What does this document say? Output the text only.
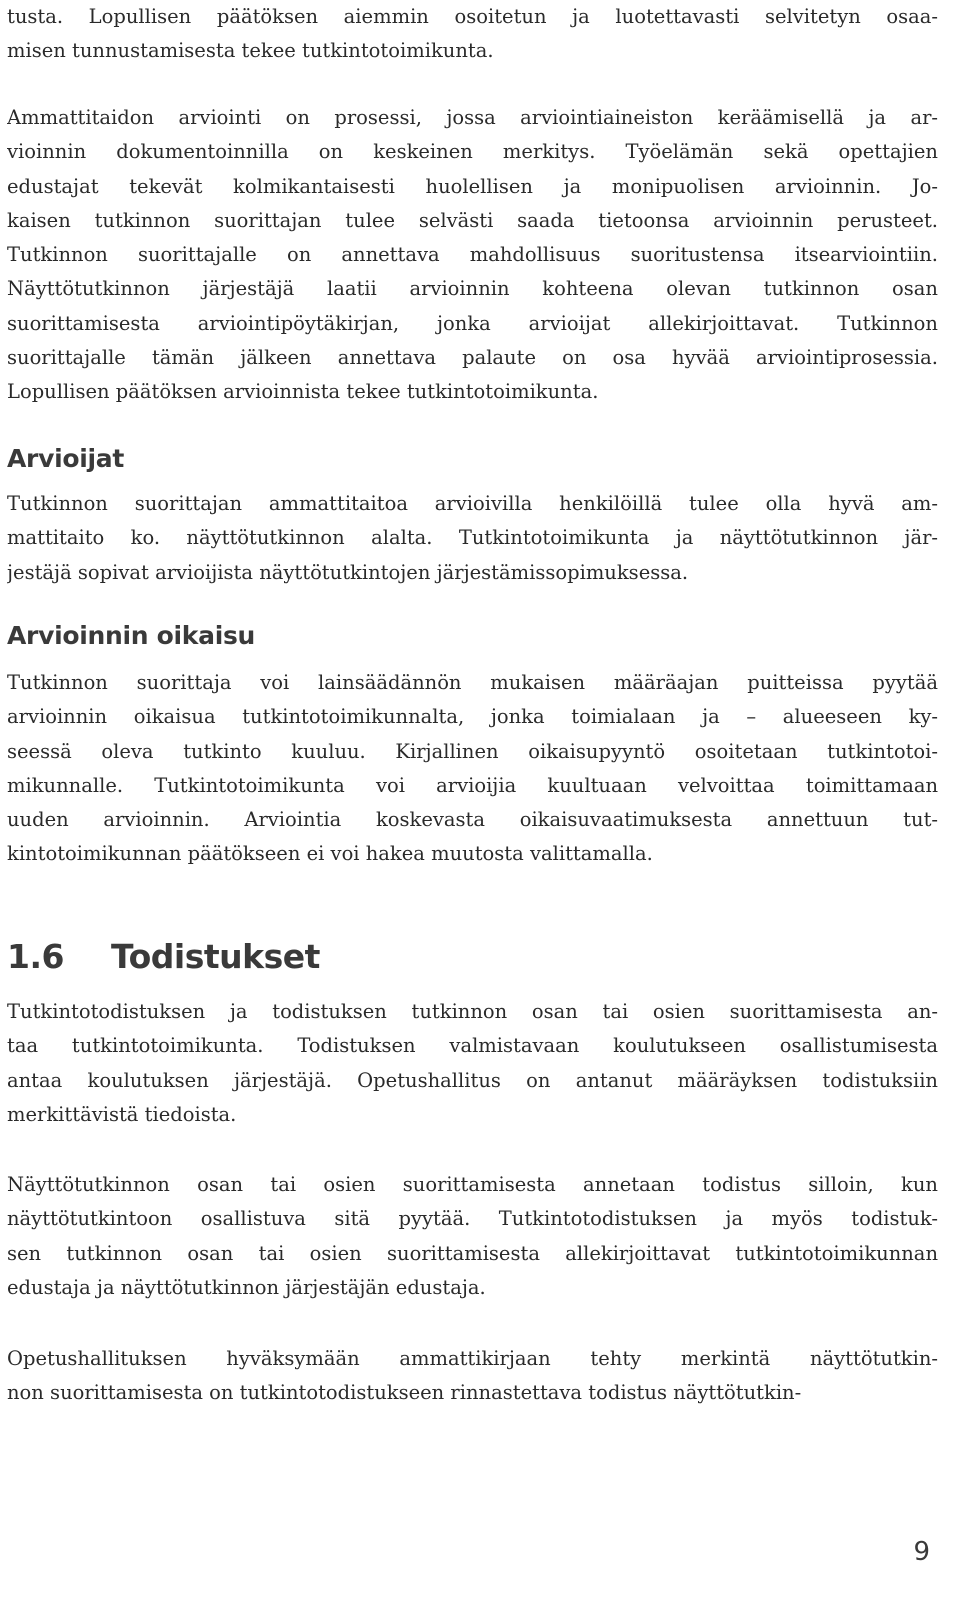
tusta. Lopullisen päätöksen aiemmin osoitetun ja luotettavasti selvitetyn osaa-
misen tunnustamisesta tekee tutkintotoimikunta.
Ammattitaidon arviointi on prosessi, jossa arviointiaineiston keräämisellä ja ar-
vioinnin dokumentoinnilla on keskeinen merkitys. Työelämän sekä opettajien
edustajat tekevät kolmikantaisesti huolellisen ja monipuolisen arvioinnin. Jo-
kaisen tutkinnon suorittajan tulee selvästi saada tietoonsa arvioinnin perusteet.
Tutkinnon suorittajalle on annettava mahdollisuus suoritustensa itsearviointiin.
Näyttötutkinnon järjestäjä laatii arvioinnin kohteena olevan tutkinnon osan
suorittamisesta arviointipöytäkirjan, jonka arvioijat allekirjoittavat. Tutkinnon
suorittajalle tämän jälkeen annettava palaute on osa hyvää arviointiprosessia.
Lopullisen päätöksen arvioinnista tekee tutkintotoimikunta.
Arvioijat
Tutkinnon suorittajan ammattitaitoa arvioivilla henkilöillä tulee olla hyvä am-
mattitaito ko. näyttötutkinnon alalta. Tutkintotoimikunta ja näyttötutkinnon jär-
jestäjä sopivat arvioijista näyttötutkintojen järjestämissopimuksessa.
Arvioinnin oikaisu
Tutkinnon suorittaja voi lainsäädännön mukaisen määräajan puitteissa pyytää
arvioinnin oikaisua tutkintotoimikunnalta, jonka toimialaan ja – alueeseen ky-
seessä oleva tutkinto kuuluu. Kirjallinen oikaisupyyntö osoitetaan tutkintotoi-
mikunnalle. Tutkintotoimikunta voi arvioijia kuultuaan velvoittaa toimittamaan
uuden arvioinnin. Arviointia koskevasta oikaisuvaatimuksesta annettuun tut-
kintotoimikunnan päätökseen ei voi hakea muutosta valittamalla.
1.6 Todistukset
Tutkintotodistuksen ja todistuksen tutkinnon osan tai osien suorittamisesta an-
taa tutkintotoimikunta. Todistuksen valmistavaan koulutukseen osallistumisesta
antaa koulutuksen järjestäjä. Opetushallitus on antanut määräyksen todistuksiin
merkittävistä tiedoista.
Näyttötutkinnon osan tai osien suorittamisesta annetaan todistus silloin, kun
näyttötutkintoon osallistuva sitä pyytää. Tutkintotodistuksen ja myös todistuk-
sen tutkinnon osan tai osien suorittamisesta allekirjoittavat tutkintotoimikunnan
edustaja ja näyttötutkinnon järjestäjän edustaja.
Opetushallituksen hyväksymään ammattikirjaan tehty merkintä näyttötutkin-
non suorittamisesta on tutkintotodistukseen rinnastettava todistus näyttötutkin-
9
